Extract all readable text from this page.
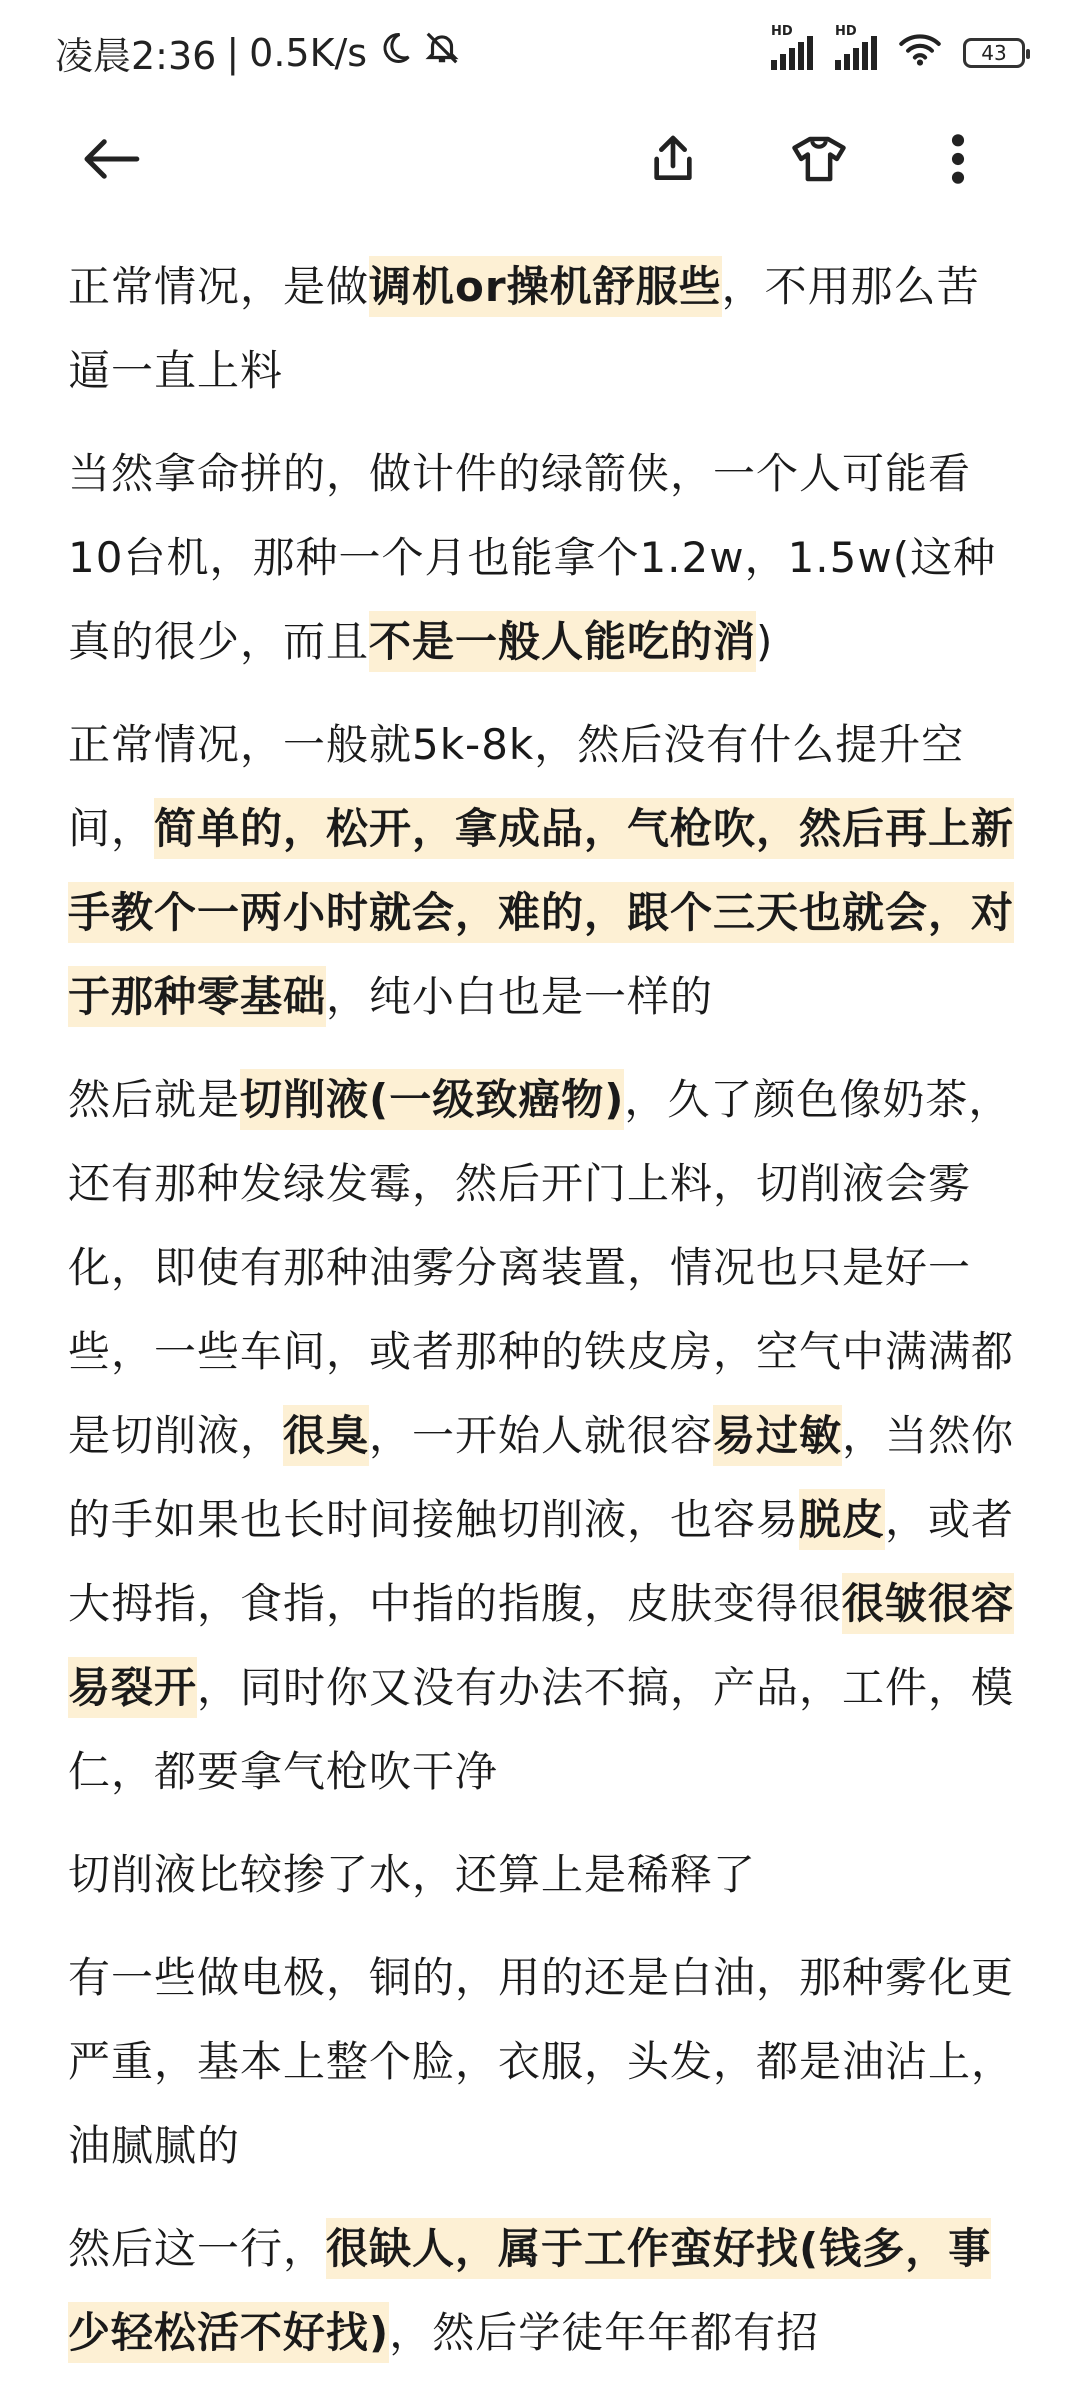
凌晨2:36 | 0.5K/s	HD	HD
43
正常情况，是做调机or操机舒服些，不用那么苦逼一直上料
当然拿命拼的，做计件的绿箭侠，一个人可能看10台机，那种一个月也能拿个1.2w，1.5w(这种真的很少，而且不是一般人能吃的消)
正常情况，一般就5k-8k，然后没有什么提升空间，简单的，松开，拿成品，气枪吹，然后再上新手教个一两小时就会，难的，跟个三天也就会，对于那种零基础，纯小白也是一样的
然后就是切削液(一级致癌物)，久了颜色像奶茶，还有那种发绿发霉，然后开门上料，切削液会雾化，即使有那种油雾分离装置，情况也只是好一些，一些车间，或者那种的铁皮房，空气中满满都是切削液，很臭，一开始人就很容易过敏，当然你的手如果也长时间接触切削液，也容易脱皮，或者大拇指，食指，中指的指腹，皮肤变得很很皱很容易裂开，同时你又没有办法不搞，产品，工件，模仁，都要拿气枪吹干净
切削液比较掺了水，还算上是稀释了
有一些做电极，铜的，用的还是白油，那种雾化更严重，基本上整个脸，衣服，头发，都是油沾上，油腻腻的
然后这一行，很缺人，属于工作蛮好找(钱多，事少轻松活不好找)，然后学徒年年都有招
